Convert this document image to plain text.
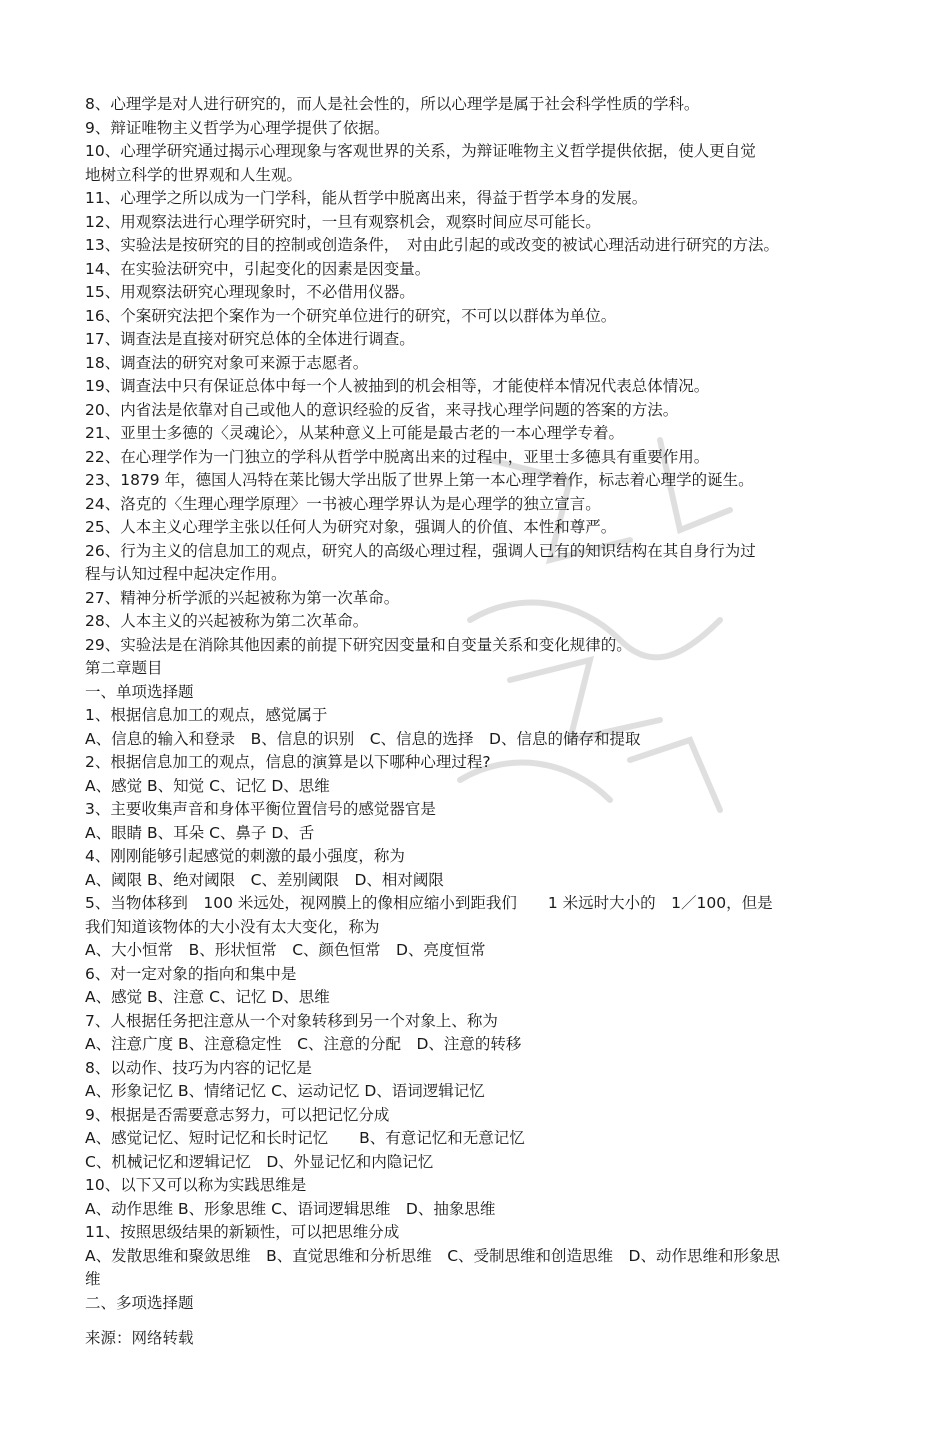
8、心理学是对人进行研究的，而人是社会性的，所以心理学是属于社会科学性质的学科。
9、辩证唯物主义哲学为心理学提供了依据。
10、心理学研究通过揭示心理现象与客观世界的关系，为辩证唯物主义哲学提供依据，使人更自觉
地树立科学的世界观和人生观。
11、心理学之所以成为一门学科，能从哲学中脱离出来，得益于哲学本身的发展。
12、用观察法进行心理学研究时，一旦有观察机会，观察时间应尽可能长。
13、实验法是按研究的目的控制或创造条件，　对由此引起的或改变的被试心理活动进行研究的方法。
14、在实验法研究中，引起变化的因素是因变量。
15、用观察法研究心理现象时，不必借用仪器。
16、个案研究法把个案作为一个研究单位进行的研究，不可以以群体为单位。
17、调查法是直接对研究总体的全体进行调查。
18、调查法的研究对象可来源于志愿者。
19、调查法中只有保证总体中每一个人被抽到的机会相等，才能使样本情况代表总体情况。
20、内省法是依靠对自己或他人的意识经验的反省，来寻找心理学问题的答案的方法。
21、亚里士多德的〈灵魂论〉，从某种意义上可能是最古老的一本心理学专着。
22、在心理学作为一门独立的学科从哲学中脱离出来的过程中，亚里士多德具有重要作用。
23、1879 年，德国人冯特在莱比锡大学出版了世界上第一本心理学着作，标志着心理学的诞生。
24、洛克的〈生理心理学原理〉一书被心理学界认为是心理学的独立宣言。
25、人本主义心理学主张以任何人为研究对象，强调人的价值、本性和尊严。
26、行为主义的信息加工的观点，研究人的高级心理过程，强调人已有的知识结构在其自身行为过
程与认知过程中起决定作用。
27、精神分析学派的兴起被称为第一次革命。
28、人本主义的兴起被称为第二次革命。
29、实验法是在消除其他因素的前提下研究因变量和自变量关系和变化规律的。
第二章题目
一、单项选择题
1、根据信息加工的观点，感觉属于
A、信息的输入和登录　B、信息的识别　C、信息的选择　D、信息的储存和提取
2、根据信息加工的观点，信息的演算是以下哪种心理过程?
A、感觉 B、知觉 C、记忆 D、思维
3、主要收集声音和身体平衡位置信号的感觉器官是
A、眼睛 B、耳朵 C、鼻子 D、舌
4、刚刚能够引起感觉的刺激的最小强度，称为
A、阈限 B、绝对阈限　C、差别阈限　D、相对阈限
5、当物体移到　100 米远处，视网膜上的像相应缩小到距我们　　1 米远时大小的　1／100，但是
我们知道该物体的大小没有太大变化，称为
A、大小恒常　B、形状恒常　C、颜色恒常　D、亮度恒常
6、对一定对象的指向和集中是
A、感觉 B、注意 C、记忆 D、思维
7、人根据任务把注意从一个对象转移到另一个对象上、称为
A、注意广度 B、注意稳定性　C、注意的分配　D、注意的转移
8、以动作、技巧为内容的记忆是
A、形象记忆 B、情绪记忆 C、运动记忆 D、语词逻辑记忆
9、根据是否需要意志努力，可以把记忆分成
A、感觉记忆、短时记忆和长时记忆　　B、有意记忆和无意记忆
C、机械记忆和逻辑记忆　D、外显记忆和内隐记忆
10、以下又可以称为实践思维是
A、动作思维 B、形象思维 C、语词逻辑思维　D、抽象思维
11、按照思级结果的新颖性，可以把思维分成
A、发散思维和聚敛思维　B、直觉思维和分析思维　C、受制思维和创造思维　D、动作思维和形象思
维
二、多项选择题
来源：网络转载
